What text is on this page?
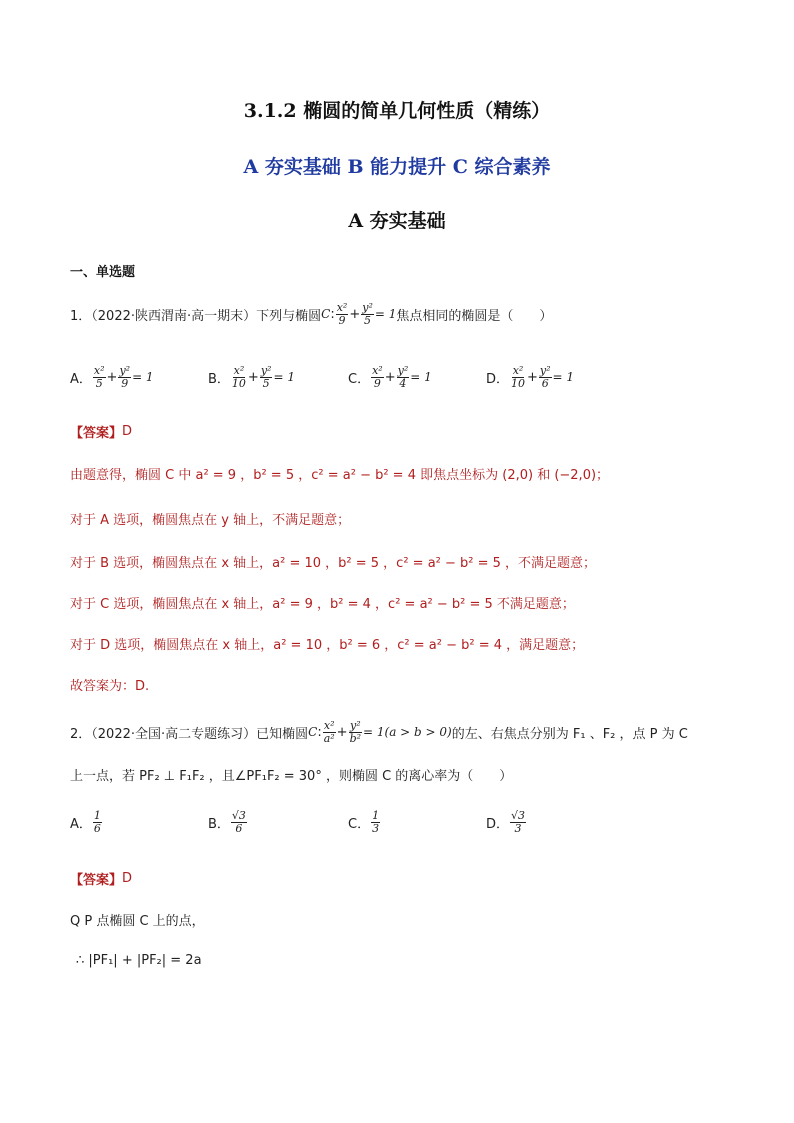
3.1.2 椭圆的简单几何性质（精练）
A 夯实基础 B 能力提升 C 综合素养
A 夯实基础
一、单选题
1．（2022·陕西渭南·高一期末）下列与椭圆 C : $\frac{\text{x²}}{9} + \frac{\text{y²}}{5} = 1$ 焦点相同的椭圆是（　　）
A． $\frac{\text{x²}}{5} + \frac{\text{y²}}{9} = 1$	B． $\frac{\text{x²}}{10} + \frac{\text{y²}}{5} = 1$	C． $\frac{\text{x²}}{9} + \frac{\text{y²}}{4} = 1$	D． $\frac{\text{x²}}{10} + \frac{\text{y²}}{6} = 1$
【答案】 D
由题意得，椭圆 C 中 a² = 9 ，b² = 5 ，c² = a² − b² = 4 即焦点坐标为 (2,0) 和 (−2,0)；
对于 A 选项，椭圆焦点在 y 轴上，不满足题意；
对于 B 选项，椭圆焦点在 x 轴上，a² = 10 ，b² = 5 ，c² = a² − b² = 5 ，不满足题意；
对于 C 选项，椭圆焦点在 x 轴上，a² = 9 ，b² = 4 ，c² = a² − b² = 5 不满足题意；
对于 D 选项，椭圆焦点在 x 轴上，a² = 10 ，b² = 6 ，c² = a² − b² = 4 ，满足题意；
故答案为：D.
2．（2022·全国·高二专题练习）已知椭圆 C : $\frac{\text{x²}}{\text{a²}} + \frac{\text{y²}}{\text{b²}} = 1(a > b > 0)$ 的左、右焦点分别为 F₁ 、F₂ ，点 P 为 C
上一点，若 PF₂ ⊥ F₁F₂ ，且∠PF₁F₂ = 30° ，则椭圆 C 的离心率为（　　）
A． $\frac{1}{6}$	B． $\frac{√3}{6}$	C． $\frac{1}{3}$	D． $\frac{√3}{3}$
【答案】 D
Q P 点椭圆 C 上的点，
∴ |PF₁| + |PF₂| = 2a
